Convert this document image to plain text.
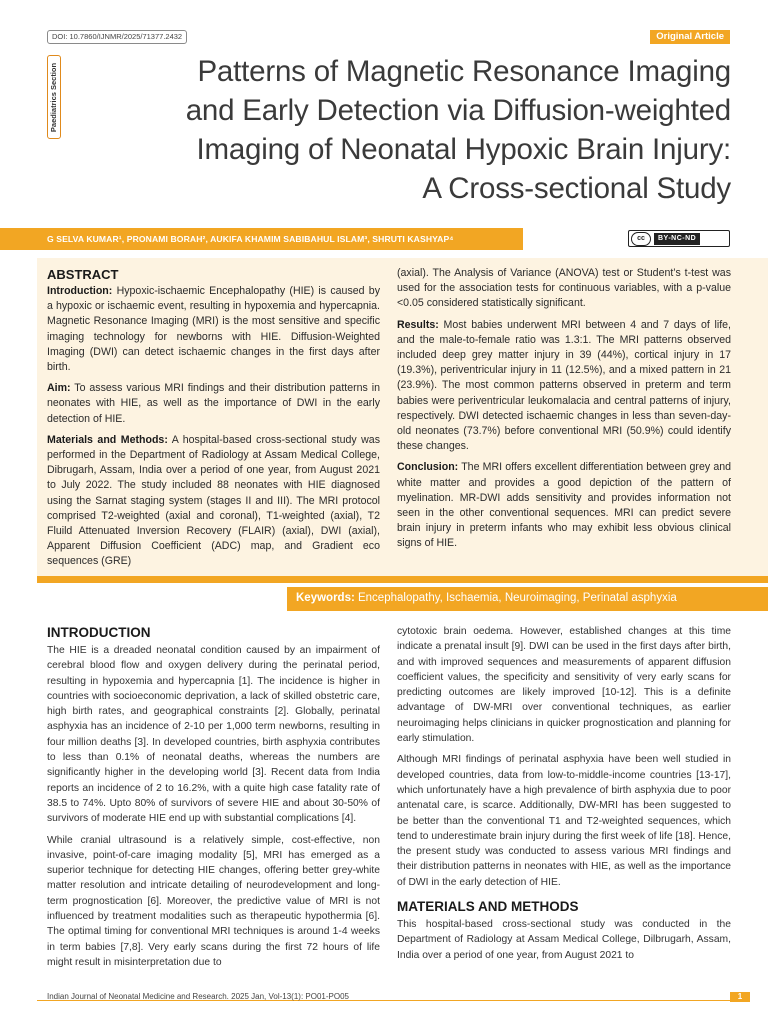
DOI: 10.7860/IJNMR/2025/71377.2432	Original Article
Paediatrics Section	Patterns of Magnetic Resonance Imaging
and Early Detection via Diffusion-weighted
Imaging of Neonatal Hypoxic Brain Injury:
A Cross-sectional Study
G SELVA KUMAR¹, PRONAMI BORAH², AUKIFA KHAMIM SABIBAHUL ISLAM³, SHRUTI KASHYAP⁴	cc	BY-NC-ND
ABSTRACT

Introduction: Hypoxic-ischaemic Encephalopathy (HIE) is caused by a hypoxic or ischaemic event, resulting in hypoxemia and hypercapnia. Magnetic Resonance Imaging (MRI) is the most sensitive and specific imaging technology for newborns with HIE. Diffusion-Weighted Imaging (DWI) can detect ischaemic changes in the first days after birth.

Aim: To assess various MRI findings and their distribution patterns in neonates with HIE, as well as the importance of DWI in the early detection of HIE.

Materials and Methods: A hospital-based cross-sectional study was performed in the Department of Radiology at Assam Medical College, Dibrugarh, Assam, India over a period of one year, from August 2021 to July 2022. The study included 88 neonates with HIE diagnosed using the Sarnat staging system (stages II and III). The MRI protocol comprised T2-weighted (axial and coronal), T1-weighted (axial), T2 Fluild Attenuated Inversion Recovery (FLAIR) (axial), DWI (axial), Apparent Diffusion Coefficient (ADC) map, and Gradient eco sequences (GRE)

(axial). The Analysis of Variance (ANOVA) test or Student’s t-test was used for the association tests for continuous variables, with a p-value <0.05 considered statistically significant.

Results: Most babies underwent MRI between 4 and 7 days of life, and the male-to-female ratio was 1.3:1. The MRI patterns observed included deep grey matter injury in 39 (44%), cortical injury in 17 (19.3%), periventricular injury in 11 (12.5%), and a mixed pattern in 21 (23.9%). The most common patterns observed in preterm and term babies were periventricular leukomalacia and central patterns of injury, respectively. DWI detected ischaemic changes in less than seven-day-old neonates (73.7%) before conventional MRI (50.9%) could identify these changes.

Conclusion: The MRI offers excellent differentiation between grey and white matter and provides a good depiction of the pattern of myelination. MR-DWI adds sensitivity and provides information not seen in the other conventional sequences. MRI can predict severe brain injury in preterm infants who may exhibit less obvious clinical signs of HIE.

Keywords: Encephalopathy, Ischaemia, Neuroimaging, Perinatal asphyxia
INTRODUCTION

The HIE is a dreaded neonatal condition caused by an impairment of cerebral blood flow and oxygen delivery during the perinatal period, resulting in hypoxemia and hypercapnia [1]. The incidence is higher in countries with socioeconomic deprivation, a lack of skilled obstetric care, high birth rates, and geographical constraints [2]. Globally, perinatal asphyxia has an incidence of 2-10 per 1,000 term newborns, resulting in four million deaths [3]. In developed countries, birth asphyxia contributes to less than 0.1% of neonatal deaths, whereas the numbers are significantly higher in the developing world [3]. Recent data from India reports an incidence of 2 to 16.2%, with a quite high case fatality rate of 38.5 to 74%. Upto 80% of survivors of severe HIE and about 30-50% of survivors of moderate HIE end up with substantial complications [4].

While cranial ultrasound is a relatively simple, cost-effective, non invasive, point-of-care imaging modality [5], MRI has emerged as a superior technique for detecting HIE changes, offering better grey-white matter resolution and intricate detailing of neurodevelopment and long-term prognostication [6]. Moreover, the predictive value of MRI is not influenced by treatment modalities such as therapeutic hypothermia [6]. The optimal timing for conventional MRI techniques is around 1-4 weeks in term babies [7,8]. Very early scans during the first 72 hours of life might result in misinterpretation due to

cytotoxic brain oedema. However, established changes at this time indicate a prenatal insult [9]. DWI can be used in the first days after birth, and with improved sequences and measurements of apparent diffusion coefficient values, the specificity and sensitivity of very early scans for predicting outcomes are likely improved [10-12]. This is a definite advantage of DW-MRI over conventional techniques, as earlier neuroimaging helps clinicians in quicker prognostication and planning for early stimulation.

Although MRI findings of perinatal asphyxia have been well studied in developed countries, data from low-to-middle-income countries [13-17], which unfortunately have a high prevalence of birth asphyxia due to poor antenatal care, is scarce. Additionally, DW-MRI has been suggested to be better than the conventional T1 and T2-weighted sequences, which tend to underestimate brain injury during the first week of life [18]. Hence, the present study was conducted to assess various MRI findings and their distribution patterns in neonates with HIE, as well as the importance of DWI in the early detection of HIE.

MATERIALS AND METHODS

This hospital-based cross-sectional study was conducted in the Department of Radiology at Assam Medical College, Dilbrugarh, Assam, India over a period of one year, from August 2021 to

Indian Journal of Neonatal Medicine and Research. 2025 Jan, Vol-13(1): PO01-PO05	1
